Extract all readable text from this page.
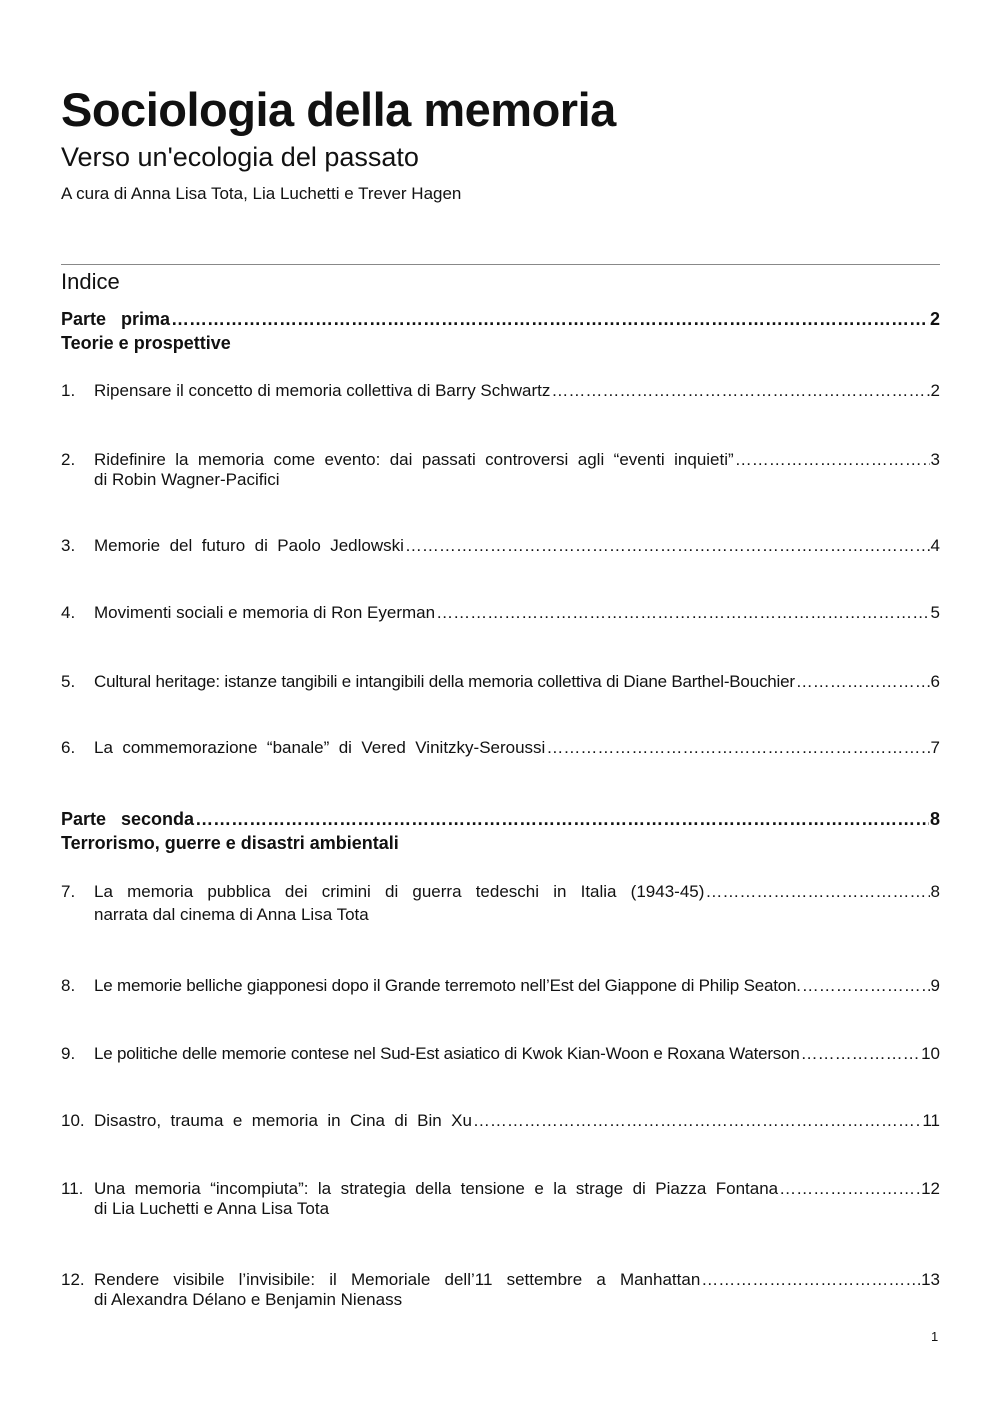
Sociologia della memoria
Verso un'ecologia del passato
A cura di Anna Lisa Tota, Lia Luchetti e Trever Hagen
Indice
Parte   prima ………………………………………………………………………………………………………………………………………………………………………………………………	2
Teorie e prospettive
1.	Ripensare il concetto di memoria collettiva di Barry Schwartz ………………………………………………………………………………………………………………………………………………………………………………………………	2
2.	Ridefinire  la  memoria  come  evento:  dai  passati  controversi  agli  “eventi  inquieti” ………………………………………………………………………………………………………………………………………………………………………………………………	3
di Robin Wagner-Pacifici
3.	Memorie  del  futuro  di  Paolo  Jedlowski ………………………………………………………………………………………………………………………………………………………………………………………………	4
4.	Movimenti sociali e memoria di Ron Eyerman ………………………………………………………………………………………………………………………………………………………………………………………………	5
5.	Cultural heritage: istanze tangibili e intangibili della memoria collettiva di Diane Barthel-Bouchier ………………………………………………………………………………………………………………………………………………………………………………………………	6
6.	La  commemorazione  “banale”  di  Vered  Vinitzky-Seroussi ………………………………………………………………………………………………………………………………………………………………………………………………	7
Parte   seconda ………………………………………………………………………………………………………………………………………………………………………………………………	8
Terrorismo, guerre e disastri ambientali
7.	La   memoria   pubblica   dei   crimini   di   guerra   tedeschi   in   Italia   (1943-45) ………………………………………………………………………………………………………………………………………………………………………………………………	8
narrata dal cinema di Anna Lisa Tota
8.	Le memorie belliche giapponesi dopo il Grande terremoto nell’Est del Giappone di Philip Seaton. ………………………………………………………………………………………………………………………………………………………………………………………………	9
9.	Le politiche delle memorie contese nel Sud-Est asiatico di Kwok Kian-Woon e Roxana Waterson ………………………………………………………………………………………………………………………………………………………………………………………………	10
10. Disastro,  trauma  e  memoria  in  Cina  di  Bin  Xu ………………………………………………………………………………………………………………………………………………………………………………………………	11
11. Una  memoria  “incompiuta”:  la  strategia  della  tensione  e  la  strage  di  Piazza  Fontana ………………………………………………………………………………………………………………………………………………………………………………………………	12
di Lia Luchetti e Anna Lisa Tota
12. Rendere   visibile   l’invisibile:   il   Memoriale   dell’11   settembre   a   Manhattan ………………………………………………………………………………………………………………………………………………………………………………………………	13
di Alexandra Délano e Benjamin Nienass
1
